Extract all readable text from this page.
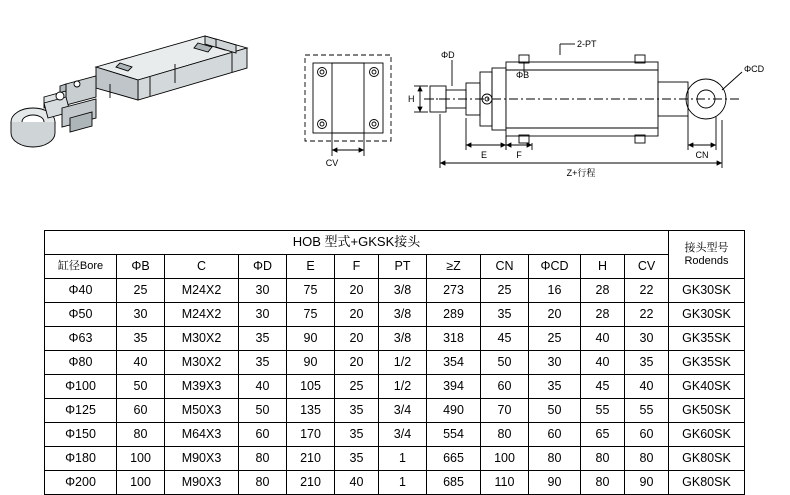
CV
ΦD
2-PT
ΦB
ΦCD
H
E	F	CN
Z+行程
HOB 型式+GKSK接头												接头型号
Rodends

缸径Bore	ΦB	C	ΦD	E	F	PT	≥Z	CN	ΦCD	H	CV	
Φ40	25	M24X2	30	75	20	3/8	273	25	16	28	22	GK30SK
Φ50	30	M24X2	30	75	20	3/8	289	35	20	28	22	GK30SK
Φ63	35	M30X2	35	90	20	3/8	318	45	25	40	30	GK35SK
Φ80	40	M30X2	35	90	20	1/2	354	50	30	40	35	GK35SK
Φ100	50	M39X3	40	105	25	1/2	394	60	35	45	40	GK40SK
Φ125	60	M50X3	50	135	35	3/4	490	70	50	55	55	GK50SK
Φ150	80	M64X3	60	170	35	3/4	554	80	60	65	60	GK60SK
Φ180	100	M90X3	80	210	35	1	665	100	80	80	80	GK80SK
Φ200	100	M90X3	80	210	40	1	685	110	90	80	90	GK80SK
